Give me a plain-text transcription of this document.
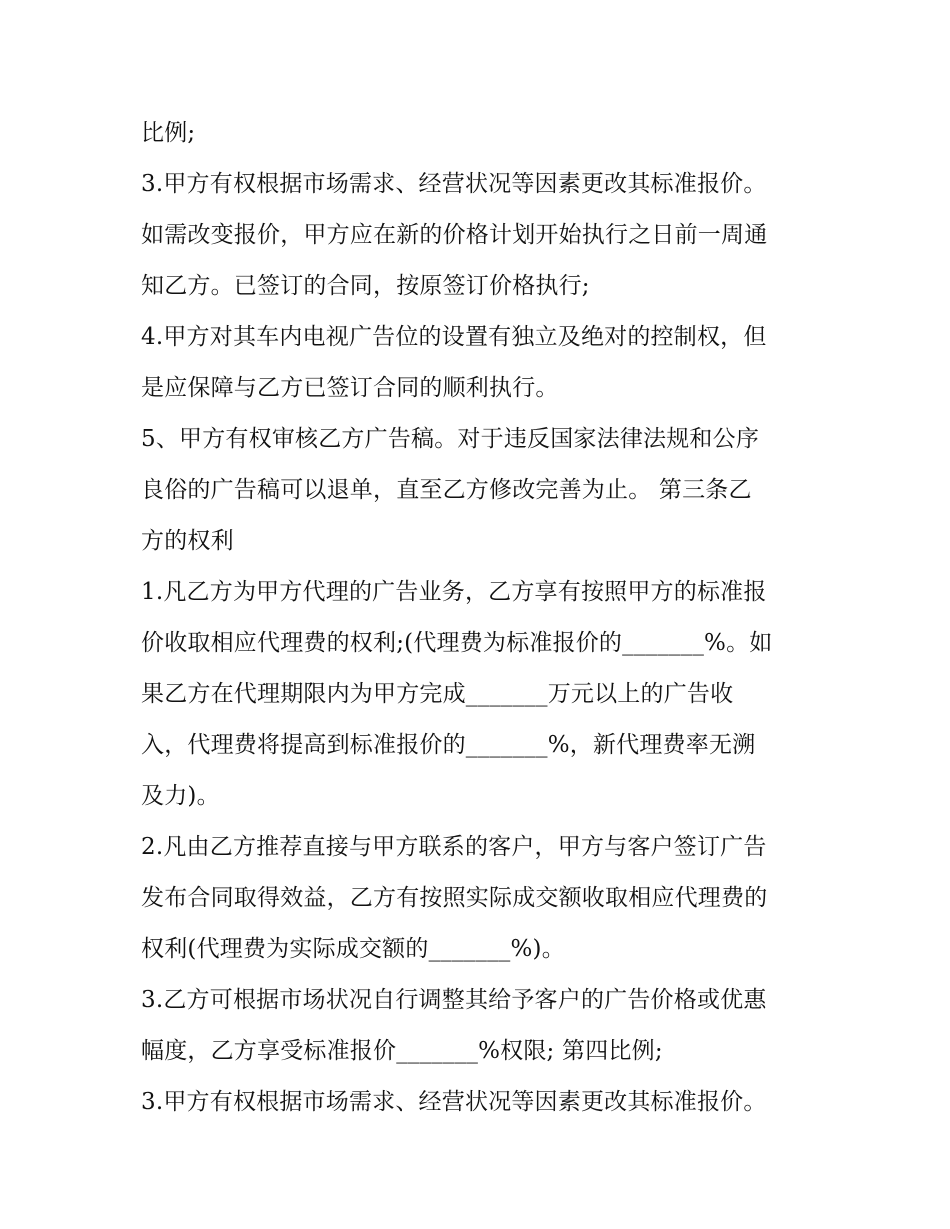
比例;
3.甲方有权根据市场需求、经营状况等因素更改其标准报价。
如需改变报价，甲方应在新的价格计划开始执行之日前一周通
知乙方。已签订的合同，按原签订价格执行;
4.甲方对其车内电视广告位的设置有独立及绝对的控制权，但
是应保障与乙方已签订合同的顺利执行。
5、甲方有权审核乙方广告稿。对于违反国家法律法规和公序
良俗的广告稿可以退单，直至乙方修改完善为止。 第三条乙
方的权利
1.凡乙方为甲方代理的广告业务，乙方享有按照甲方的标准报
价收取相应代理费的权利;(代理费为标准报价的_______%。如
果乙方在代理期限内为甲方完成_______万元以上的广告收
入，代理费将提高到标准报价的_______%，新代理费率无溯
及力)。
2.凡由乙方推荐直接与甲方联系的客户，甲方与客户签订广告
发布合同取得效益，乙方有按照实际成交额收取相应代理费的
权利(代理费为实际成交额的_______%)。
3.乙方可根据市场状况自行调整其给予客户的广告价格或优惠
幅度，乙方享受标准报价_______%权限; 第四比例;
3.甲方有权根据市场需求、经营状况等因素更改其标准报价。
